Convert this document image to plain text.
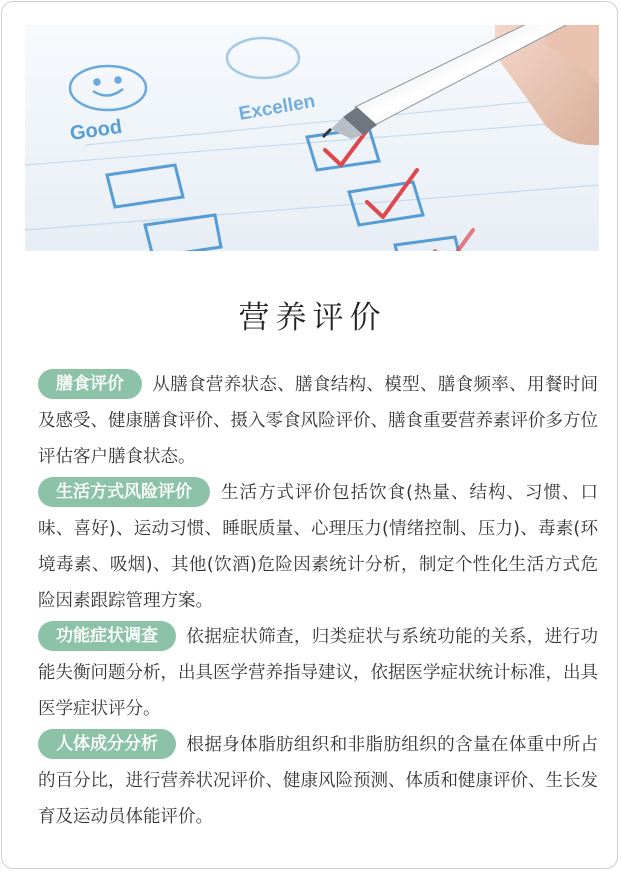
Good
Excellen
营养评价
膳食评价 从膳食营养状态、膳食结构、模型、膳食频率、用餐时间及感受、健康膳食评价、摄入零食风险评价、膳食重要营养素评价多方位评估客户膳食状态。
生活方式风险评价 生活方式评价包括饮食(热量、结构、习惯、口味、喜好)、运动习惯、睡眠质量、心理压力(情绪控制、压力)、毒素(环境毒素、吸烟)、其他(饮酒)危险因素统计分析，制定个性化生活方式危险因素跟踪管理方案。
功能症状调查 依据症状筛查，归类症状与系统功能的关系，进行功能失衡问题分析，出具医学营养指导建议，依据医学症状统计标准，出具医学症状评分。
人体成分分析 根据身体脂肪组织和非脂肪组织的含量在体重中所占的百分比，进行营养状况评价、健康风险预测、体质和健康评价、生长发育及运动员体能评价。
